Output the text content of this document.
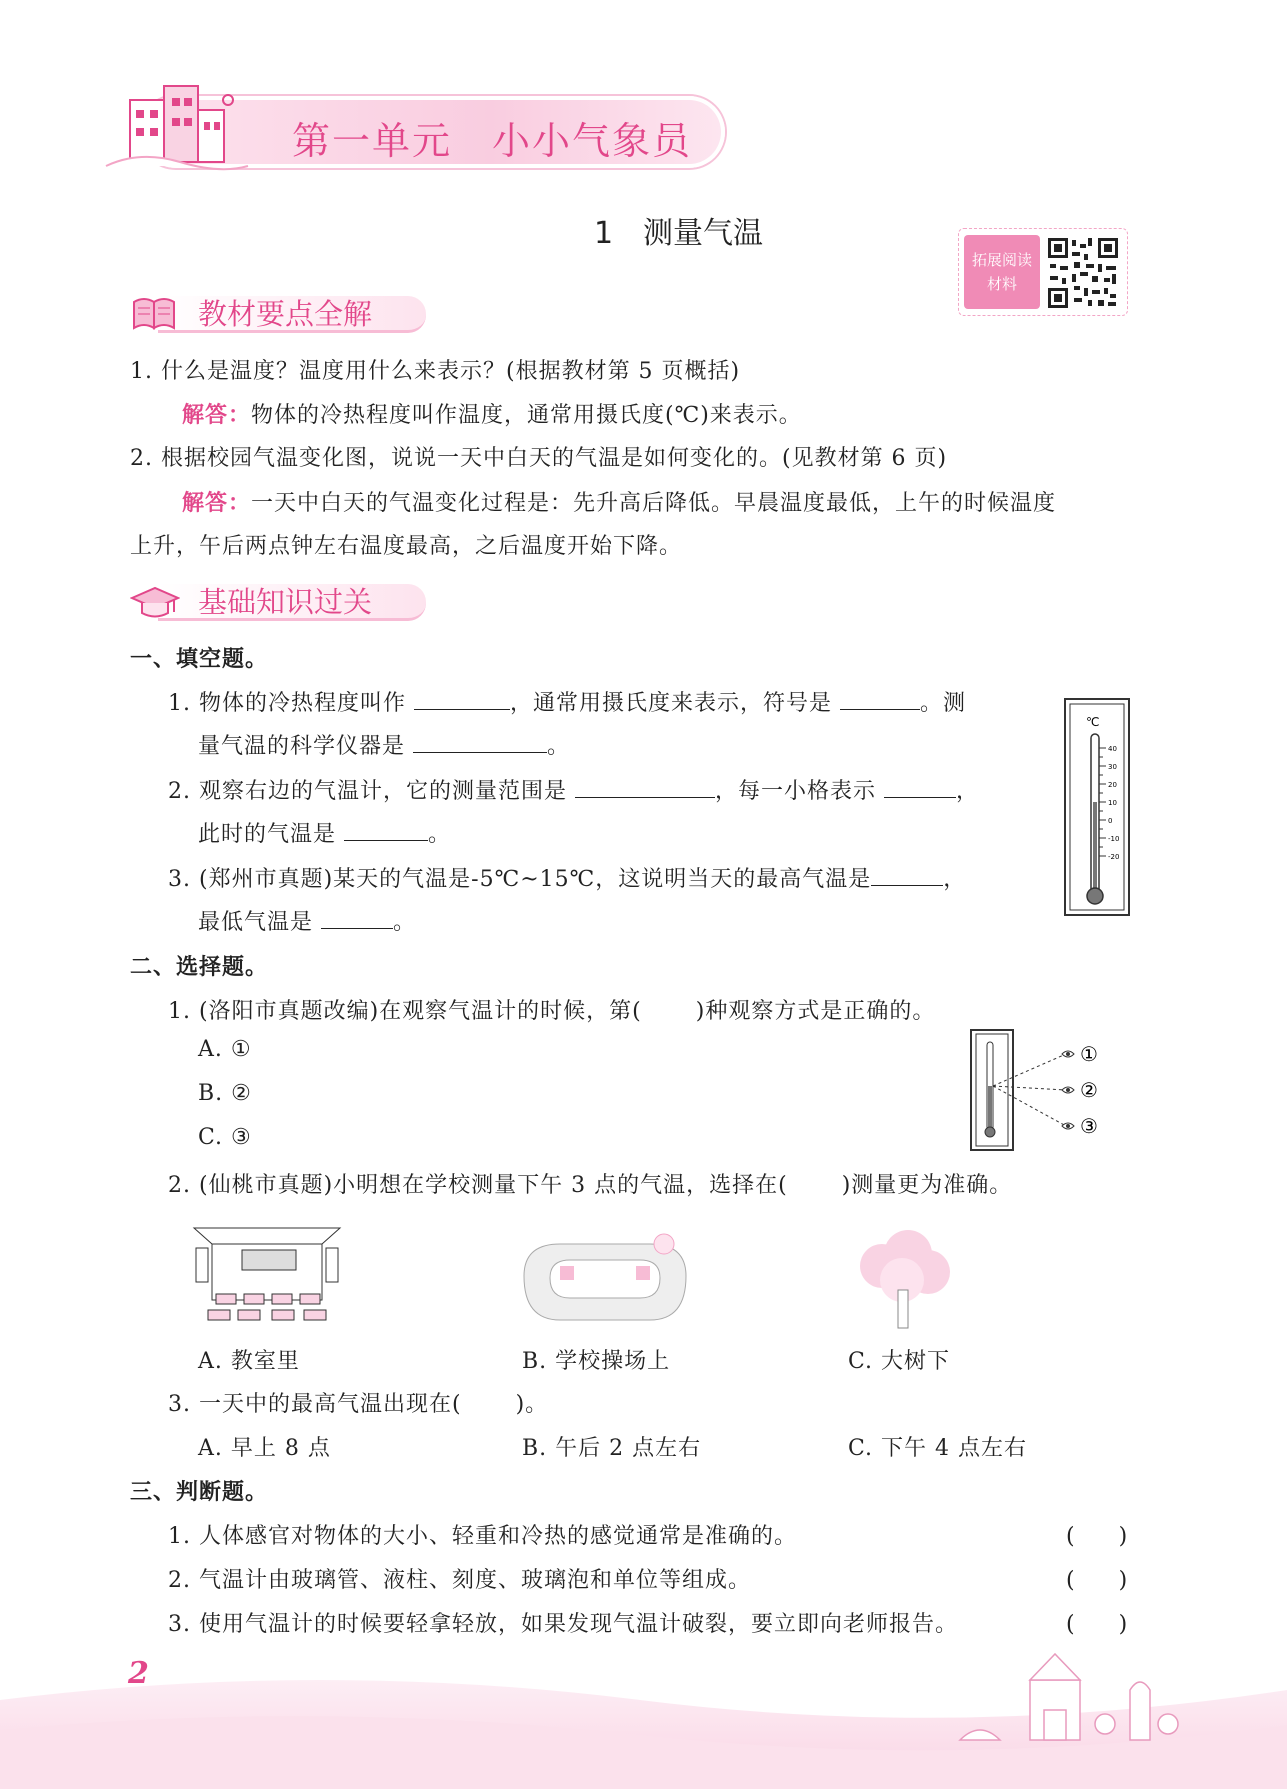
第一单元　小小气象员
1　测量气温
拓展阅读
材料
教材要点全解
1. 什么是温度？温度用什么来表示？(根据教材第 5 页概括)
解答：物体的冷热程度叫作温度，通常用摄氏度(℃)来表示。
2. 根据校园气温变化图，说说一天中白天的气温是如何变化的。(见教材第 6 页)
解答：一天中白天的气温变化过程是：先升高后降低。早晨温度最低，上午的时候温度
上升，午后两点钟左右温度最高，之后温度开始下降。
基础知识过关
一、填空题。
1. 物体的冷热程度叫作	，通常用摄氏度来表示，符号是	。测
量气温的科学仪器是	。
2. 观察右边的气温计，它的测量范围是	，每一小格表示	，
此时的气温是	。
3. (郑州市真题)某天的气温是-5℃~15℃，这说明当天的最高气温是	，
最低气温是	。
℃
40
30
20
10
0
-10
-20
二、选择题。
1. (洛阳市真题改编)在观察气温计的时候，第( )种观察方式是正确的。
A. ①
B. ②
C. ③
①
②
③
2. (仙桃市真题)小明想在学校测量下午 3 点的气温，选择在( )测量更为准确。
A. 教室里	B. 学校操场上	C. 大树下
3. 一天中的最高气温出现在( )。
A. 早上 8 点	B. 午后 2 点左右	C. 下午 4 点左右
三、判断题。
1. 人体感官对物体的大小、轻重和冷热的感觉通常是准确的。	(　　)
2. 气温计由玻璃管、液柱、刻度、玻璃泡和单位等组成。	(　　)
3. 使用气温计的时候要轻拿轻放，如果发现气温计破裂，要立即向老师报告。	(　　)
2
